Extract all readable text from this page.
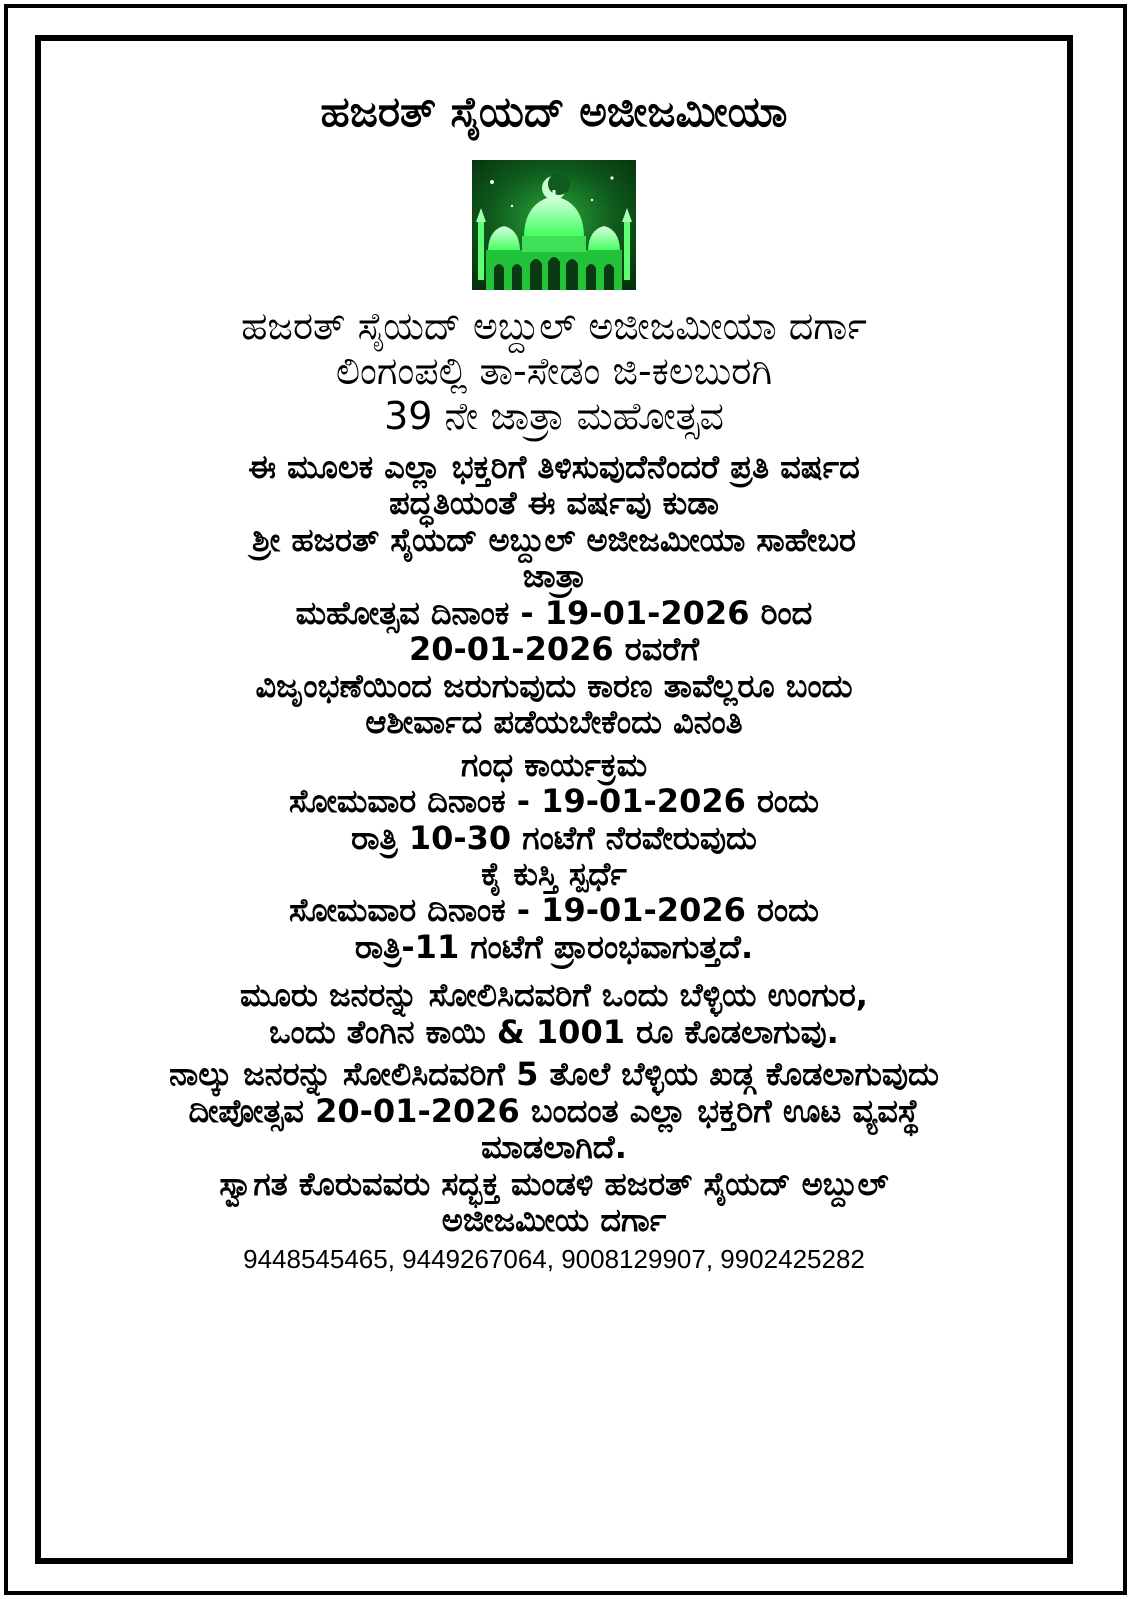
ಹಜರತ್ ಸೈಯದ್ ಅಜೀಜಮೀಯಾ

ಹಜರತ್ ಸೈಯದ್ ಅಬ್ದುಲ್ ಅಜೀಜಮೀಯಾ ದರ್ಗಾ

ಲಿಂಗಂಪಲ್ಲಿ ತಾ-ಸೇಡಂ ಜಿ-ಕಲಬುರಗಿ

39 ನೇ ಜಾತ್ರಾ ಮಹೋತ್ಸವ

ಈ ಮೂಲಕ ಎಲ್ಲಾ ಭಕ್ತರಿಗೆ ತಿಳಿಸುವುದೆನೆಂದರೆ ಪ್ರತಿ ವರ್ಷದ

ಪದ್ಧತಿಯಂತೆ ಈ ವರ್ಷವು ಕುಡಾ

ಶ್ರೀ ಹಜರತ್ ಸೈಯದ್ ಅಬ್ದುಲ್ ಅಜೀಜಮೀಯಾ ಸಾಹೇಬರ

ಜಾತ್ರಾ

ಮಹೋತ್ಸವ ದಿನಾಂಕ - 19-01-2026 ರಿಂದ

20-01-2026 ರವರೆಗೆ

ವಿಜೃಂಭಣೆಯಿಂದ ಜರುಗುವುದು ಕಾರಣ ತಾವೆಲ್ಲರೂ ಬಂದು

ಆಶೀರ್ವಾದ ಪಡೆಯಬೇಕೆಂದು ವಿನಂತಿ

ಗಂಧ ಕಾರ್ಯಕ್ರಮ

ಸೋಮವಾರ ದಿನಾಂಕ - 19-01-2026 ರಂದು

ರಾತ್ರಿ 10-30 ಗಂಟೆಗೆ ನೆರವೇರುವುದು

ಕೈ ಕುಸ್ತಿ ಸ್ಪರ್ಧೆ

ಸೋಮವಾರ ದಿನಾಂಕ - 19-01-2026 ರಂದು

ರಾತ್ರಿ-11 ಗಂಟೆಗೆ ಪ್ರಾರಂಭವಾಗುತ್ತದೆ.

ಮೂರು ಜನರನ್ನು ಸೋಲಿಸಿದವರಿಗೆ ಒಂದು ಬೆಳ್ಳಿಯ ಉಂಗುರ,

ಒಂದು ತೆಂಗಿನ ಕಾಯಿ & 1001 ರೂ ಕೊಡಲಾಗುವು.

ನಾಲ್ಕು ಜನರನ್ನು ಸೋಲಿಸಿದವರಿಗೆ 5 ತೊಲೆ ಬೆಳ್ಳಿಯ ಖಡ್ಗ ಕೊಡಲಾಗುವುದು

ದೀಪೋತ್ಸವ 20-01-2026 ಬಂದಂತ ಎಲ್ಲಾ ಭಕ್ತರಿಗೆ ಊಟ ವ್ಯವಸ್ಥೆ

ಮಾಡಲಾಗಿದೆ.

ಸ್ವಾಗತ ಕೊರುವವರು ಸದ್ಭಕ್ತ ಮಂಡಳಿ ಹಜರತ್ ಸೈಯದ್ ಅಬ್ದುಲ್

ಅಜೀಜಮೀಯ ದರ್ಗಾ

9448545465, 9449267064, 9008129907, 9902425282
